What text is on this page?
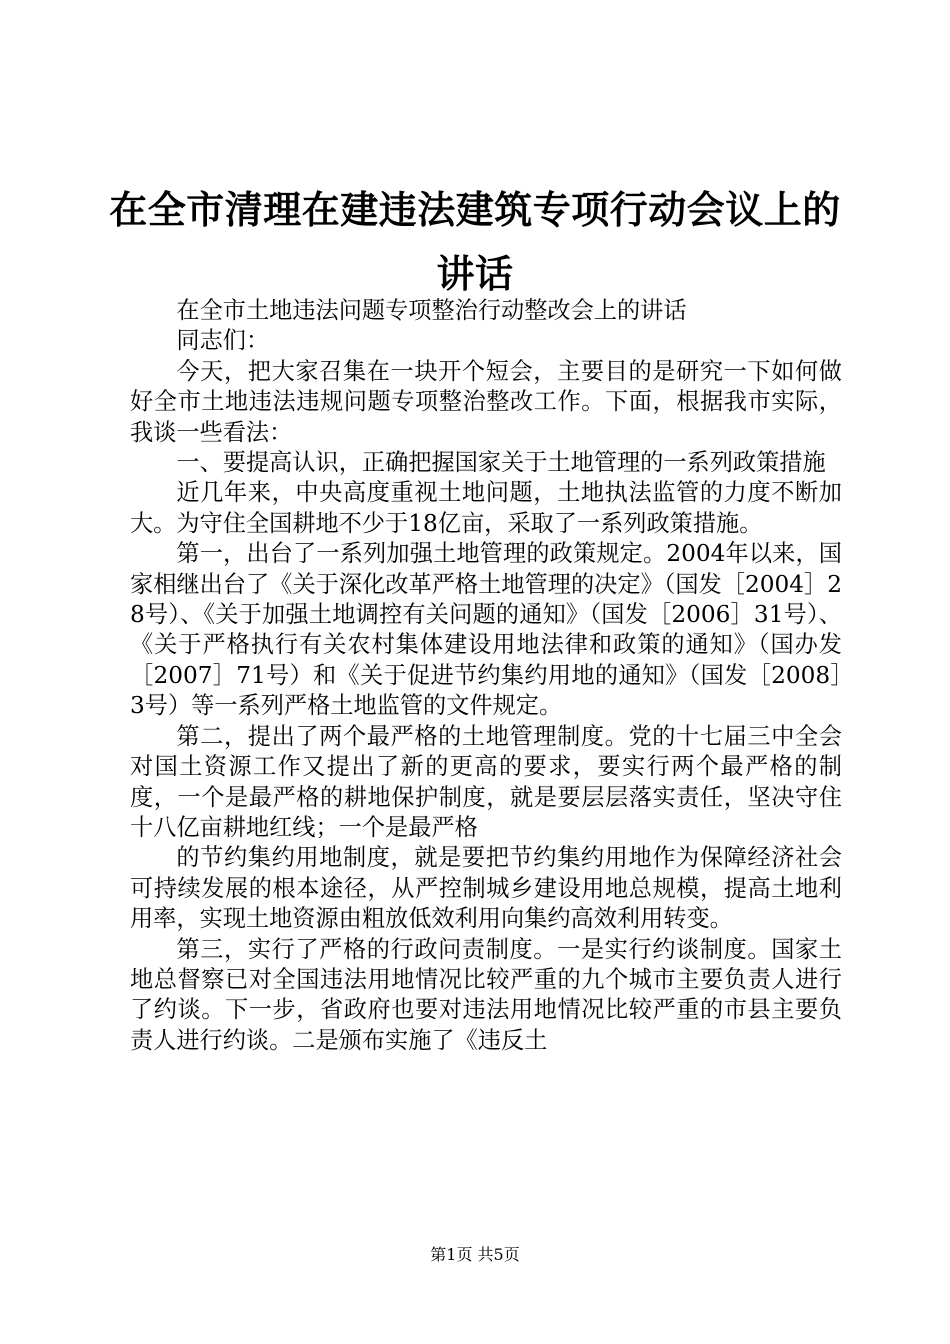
在全市清理在建违法建筑专项行动会议上的讲话

在全市土地违法问题专项整治行动整改会上的讲话

同志们：

今天，把大家召集在一块开个短会，主要目的是研究一下如何做好全市土地违法违规问题专项整治整改工作。下面，根据我市实际，我谈一些看法：

一、要提高认识，正确把握国家关于土地管理的一系列政策措施

近几年来，中央高度重视土地问题，土地执法监管的力度不断加大。为守住全国耕地不少于18亿亩，采取了一系列政策措施。

第一，出台了一系列加强土地管理的政策规定。2004年以来，国家相继出台了《关于深化改革严格土地管理的决定》（国发［2004］28号）、《关于加强土地调控有关问题的通知》（国发［2006］31号）、《关于严格执行有关农村集体建设用地法律和政策的通知》（国办发［2007］71号）和《关于促进节约集约用地的通知》（国发［2008］3号）等一系列严格土地监管的文件规定。

第二，提出了两个最严格的土地管理制度。党的十七届三中全会对国土资源工作又提出了新的更高的要求，要实行两个最严格的制度，一个是最严格的耕地保护制度，就是要层层落实责任，坚决守住十八亿亩耕地红线；一个是最严格

的节约集约用地制度，就是要把节约集约用地作为保障经济社会可持续发展的根本途径，从严控制城乡建设用地总规模，提高土地利用率，实现土地资源由粗放低效利用向集约高效利用转变。

第三，实行了严格的行政问责制度。一是实行约谈制度。国家土地总督察已对全国违法用地情况比较严重的九个城市主要负责人进行了约谈。下一步，省政府也要对违法用地情况比较严重的市县主要负责人进行约谈。二是颁布实施了《违反土

第1页 共5页
